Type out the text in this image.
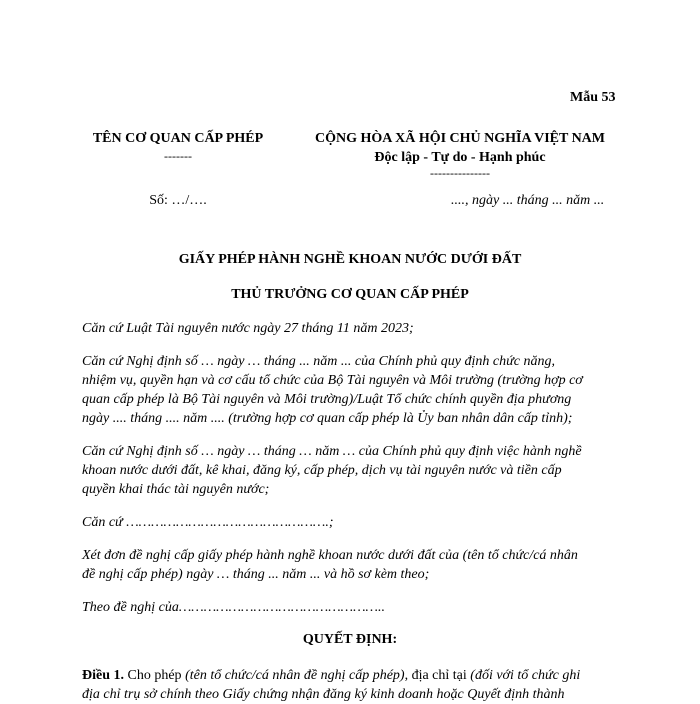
Mẫu 53
TÊN CƠ QUAN CẤP PHÉP
-------
CỘNG HÒA XÃ HỘI CHỦ NGHĨA VIỆT NAM
Độc lập - Tự do - Hạnh phúc
---------------
Số: …/….	...., ngày ... tháng ... năm ...
GIẤY PHÉP HÀNH NGHỀ KHOAN NƯỚC DƯỚI ĐẤT
THỦ TRƯỞNG CƠ QUAN CẤP PHÉP
Căn cứ Luật Tài nguyên nước ngày 27 tháng 11 năm 2023;
Căn cứ Nghị định số … ngày … tháng ... năm ... của Chính phủ quy định chức năng,
nhiệm vụ, quyền hạn và cơ cấu tổ chức của Bộ Tài nguyên và Môi trường (trường hợp cơ
quan cấp phép là Bộ Tài nguyên và Môi trường)/Luật Tổ chức chính quyền địa phương
ngày .... tháng .... năm .... (trường hợp cơ quan cấp phép là Ủy ban nhân dân cấp tỉnh);
Căn cứ Nghị định số … ngày … tháng … năm … của Chính phủ quy định việc hành nghề
khoan nước dưới đất, kê khai, đăng ký, cấp phép, dịch vụ tài nguyên nước và tiền cấp
quyền khai thác tài nguyên nước;
Căn cứ ………………………………………….;
Xét đơn đề nghị cấp giấy phép hành nghề khoan nước dưới đất của (tên tổ chức/cá nhân
đề nghị cấp phép) ngày … tháng ... năm ... và hồ sơ kèm theo;
Theo đề nghị của…………………………………………..
QUYẾT ĐỊNH:
Điều 1. Cho phép (tên tổ chức/cá nhân đề nghị cấp phép), địa chỉ tại (đối với tổ chức ghi
địa chỉ trụ sở chính theo Giấy chứng nhận đăng ký kinh doanh hoặc Quyết định thành
